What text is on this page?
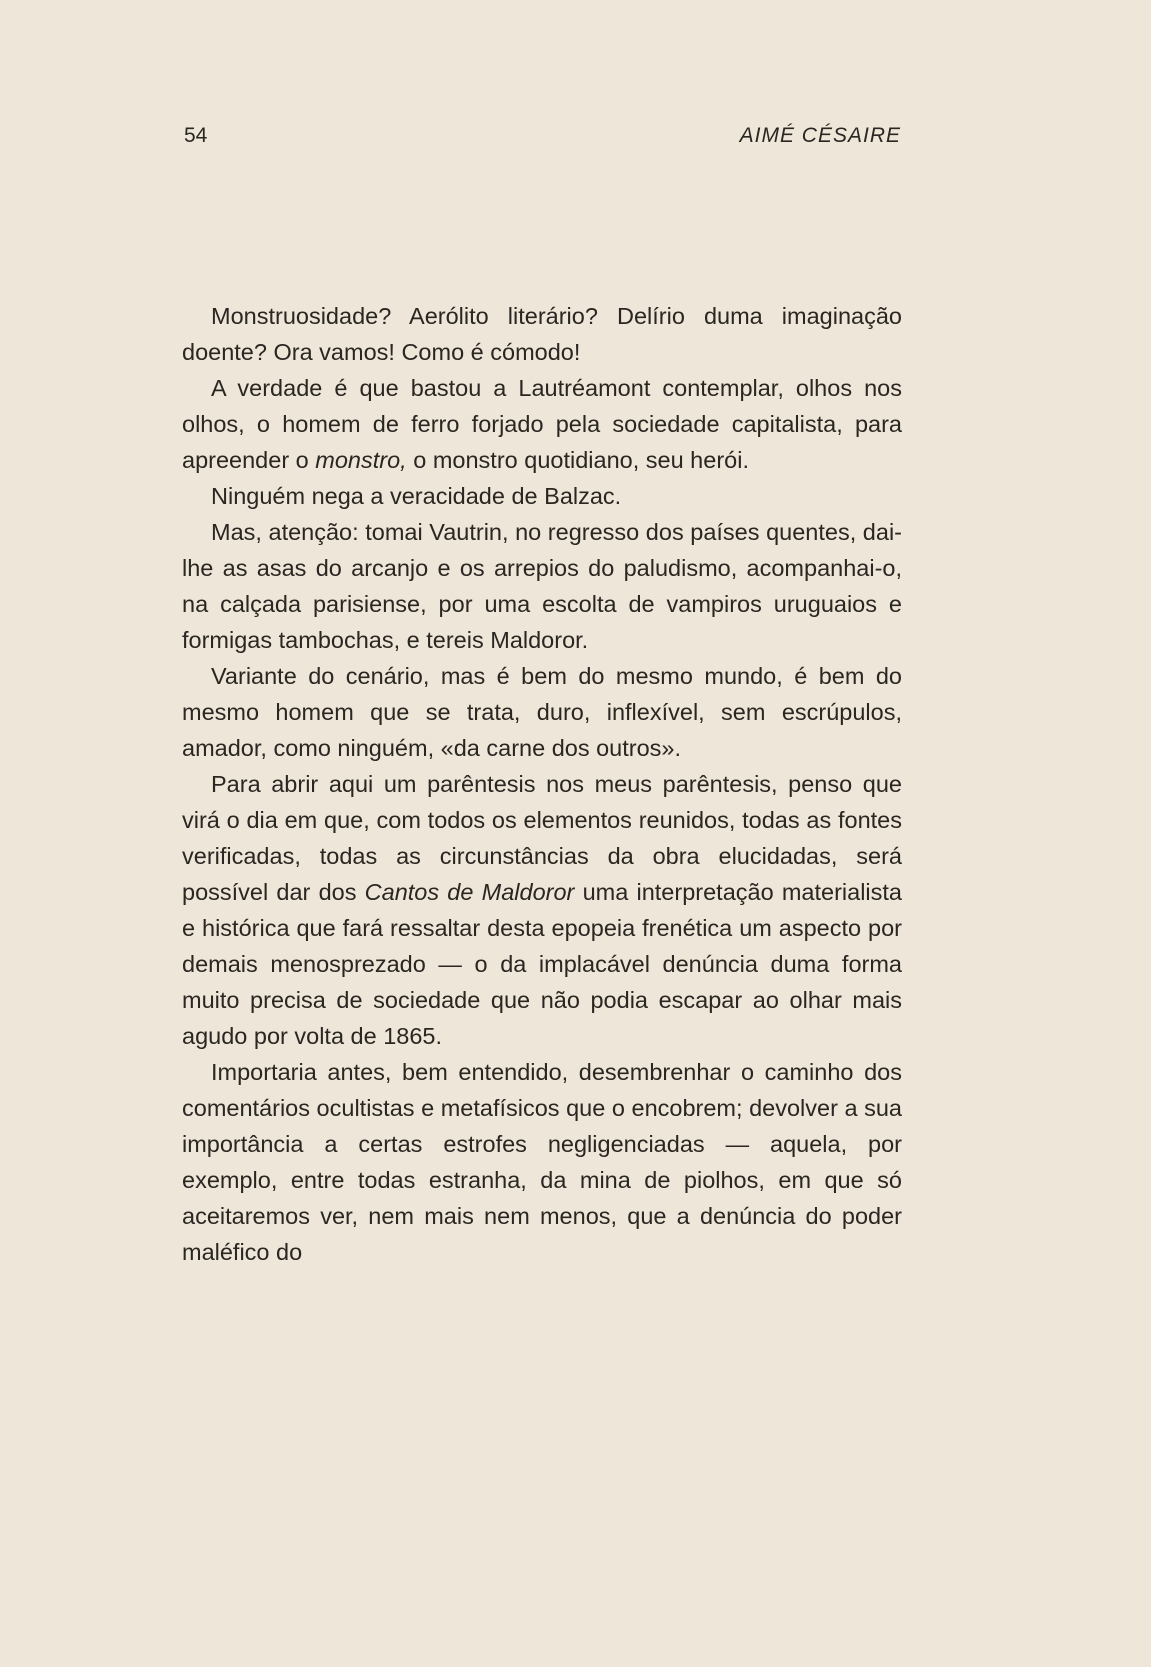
54	AIMÉ CÉSAIRE

Monstruosidade? Aerólito literário? Delírio duma imaginação doente? Ora vamos! Como é cómodo!

A verdade é que bastou a Lautréamont contemplar, olhos nos olhos, o homem de ferro forjado pela sociedade capitalista, para apreender o monstro, o monstro quotidiano, seu herói.

Ninguém nega a veracidade de Balzac.

Mas, atenção: tomai Vautrin, no regresso dos países quentes, dai-lhe as asas do arcanjo e os arrepios do paludismo, acompanhai-o, na calçada parisiense, por uma escolta de vampiros uruguaios e formigas tambochas, e tereis Maldoror.

Variante do cenário, mas é bem do mesmo mundo, é bem do mesmo homem que se trata, duro, inflexível, sem escrúpulos, amador, como ninguém, «da carne dos outros».

Para abrir aqui um parêntesis nos meus parêntesis, penso que virá o dia em que, com todos os elementos reunidos, todas as fontes verificadas, todas as circunstâncias da obra elucidadas, será possível dar dos Cantos de Maldoror uma interpretação materialista e histórica que fará ressaltar desta epopeia frenética um aspecto por demais menosprezado — o da implacável denúncia duma forma muito precisa de sociedade que não podia escapar ao olhar mais agudo por volta de 1865.

Importaria antes, bem entendido, desembrenhar o caminho dos comentários ocultistas e metafísicos que o encobrem; devolver a sua importância a certas estrofes negligenciadas — aquela, por exemplo, entre todas estranha, da mina de piolhos, em que só aceitaremos ver, nem mais nem menos, que a denúncia do poder maléfico do
